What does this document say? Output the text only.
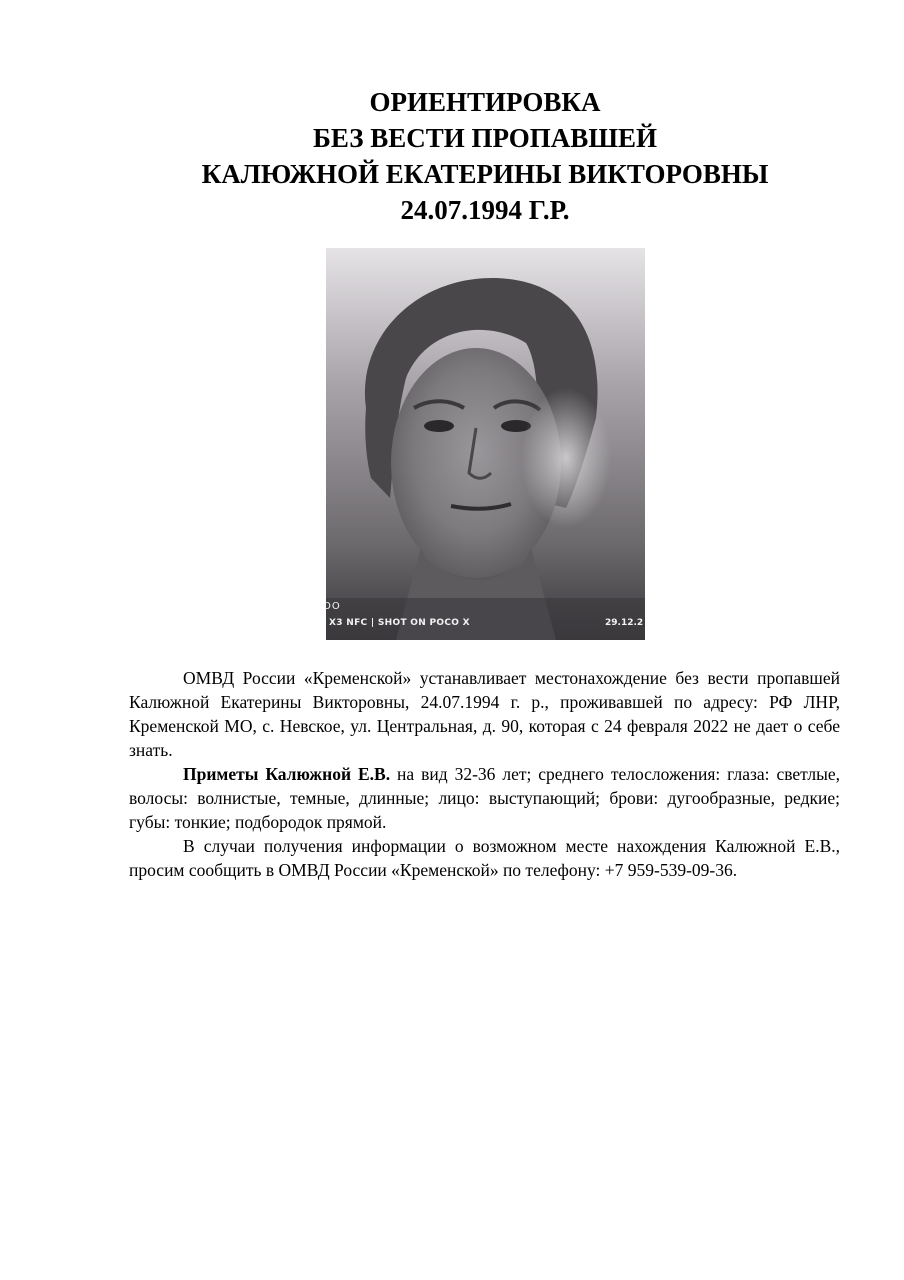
ОРИЕНТИРОВКА
БЕЗ ВЕСТИ ПРОПАВШЕЙ
КАЛЮЖНОЙ ЕКАТЕРИНЫ ВИКТОРОВНЫ
24.07.1994 Г.Р.
OO
X3 NFC | SHOT ON POCO X	29.12.2

ОМВД России «Кременской» устанавливает местонахождение без вести пропавшей Калюжной Екатерины Викторовны, 24.07.1994 г. р., проживавшей по адресу: РФ ЛНР, Кременской МО, с. Невское, ул. Центральная, д. 90, которая с 24 февраля 2022 не дает о себе знать.

Приметы Калюжной Е.В. на вид 32-36 лет; среднего телосложения: глаза: светлые, волосы: волнистые, темные, длинные; лицо: выступающий; брови: дугообразные, редкие; губы: тонкие; подбородок прямой.

В случаи получения информации о возможном месте нахождения Калюжной Е.В., просим сообщить в ОМВД России «Кременской» по телефону: +7 959-539-09-36.
